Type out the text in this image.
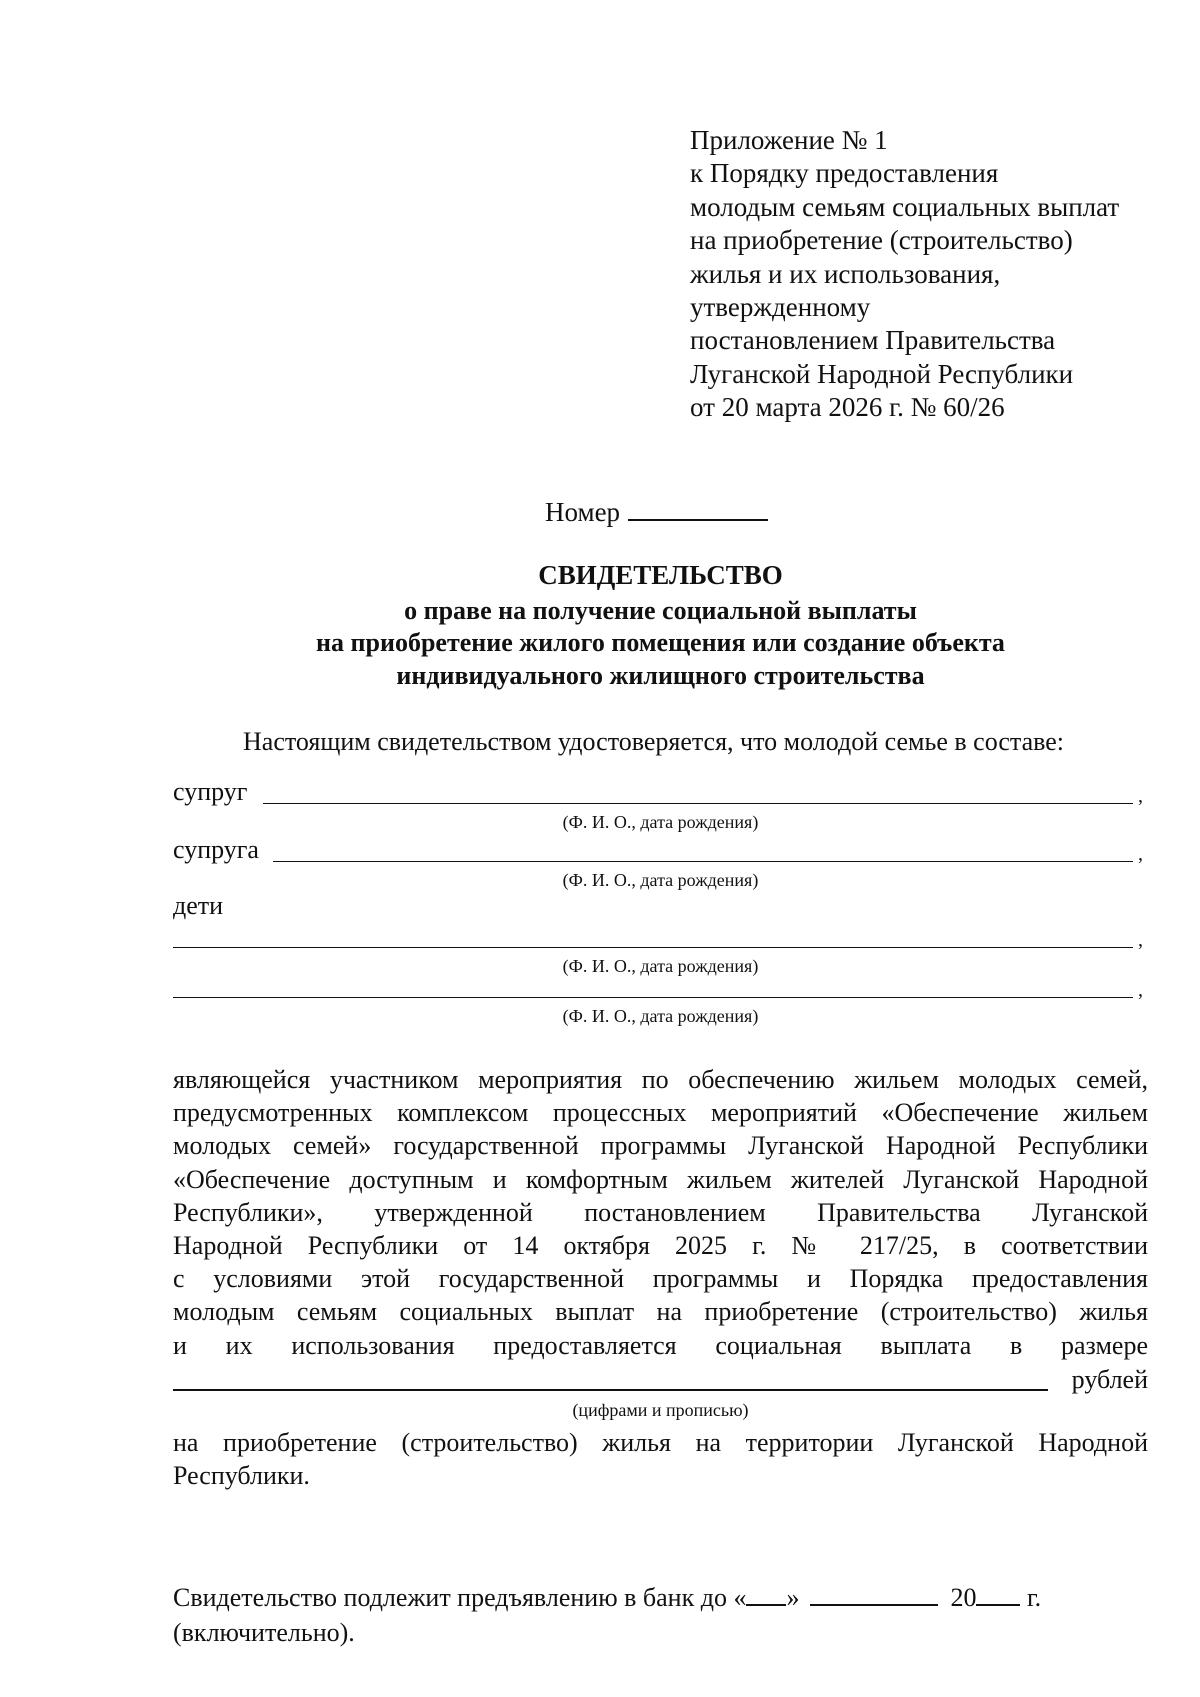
Приложение № 1
к Порядку предоставления
молодым семьям социальных выплат
на приобретение (строительство)
жилья и их использования,
утвержденному
постановлением Правительства
Луганской Народной Республики
от 20 марта 2026 г. № 60/26
Номер
СВИДЕТЕЛЬСТВО
о праве на получение социальной выплаты
на приобретение жилого помещения или создание объекта
индивидуального жилищного строительства
Настоящим свидетельством удостоверяется, что молодой семье в составе:
супруг	,
(Ф. И. О., дата рождения)
супруга	,
(Ф. И. О., дата рождения)
дети
,
(Ф. И. О., дата рождения)
,
(Ф. И. О., дата рождения)
являющейся участником мероприятия по обеспечению жильем молодых семей,
предусмотренных комплексом процессных мероприятий «Обеспечение жильем
молодых семей» государственной программы Луганской Народной Республики
«Обеспечение доступным и комфортным жильем жителей Луганской Народной
Республики», утвержденной постановлением Правительства Луганской
Народной Республики от 14 октября 2025 г. № 217/25, в соответствии
с условиями этой государственной программы и Порядка предоставления
молодым семьям социальных выплат на приобретение (строительство) жилья
и их использования предоставляется социальная выплата в размере
рублей
(цифрами и прописью)
на приобретение (строительство) жилья на территории Луганской Народной
Республики.
Свидетельство подлежит предъявлению в банк до « »	20 г.
(включительно).
